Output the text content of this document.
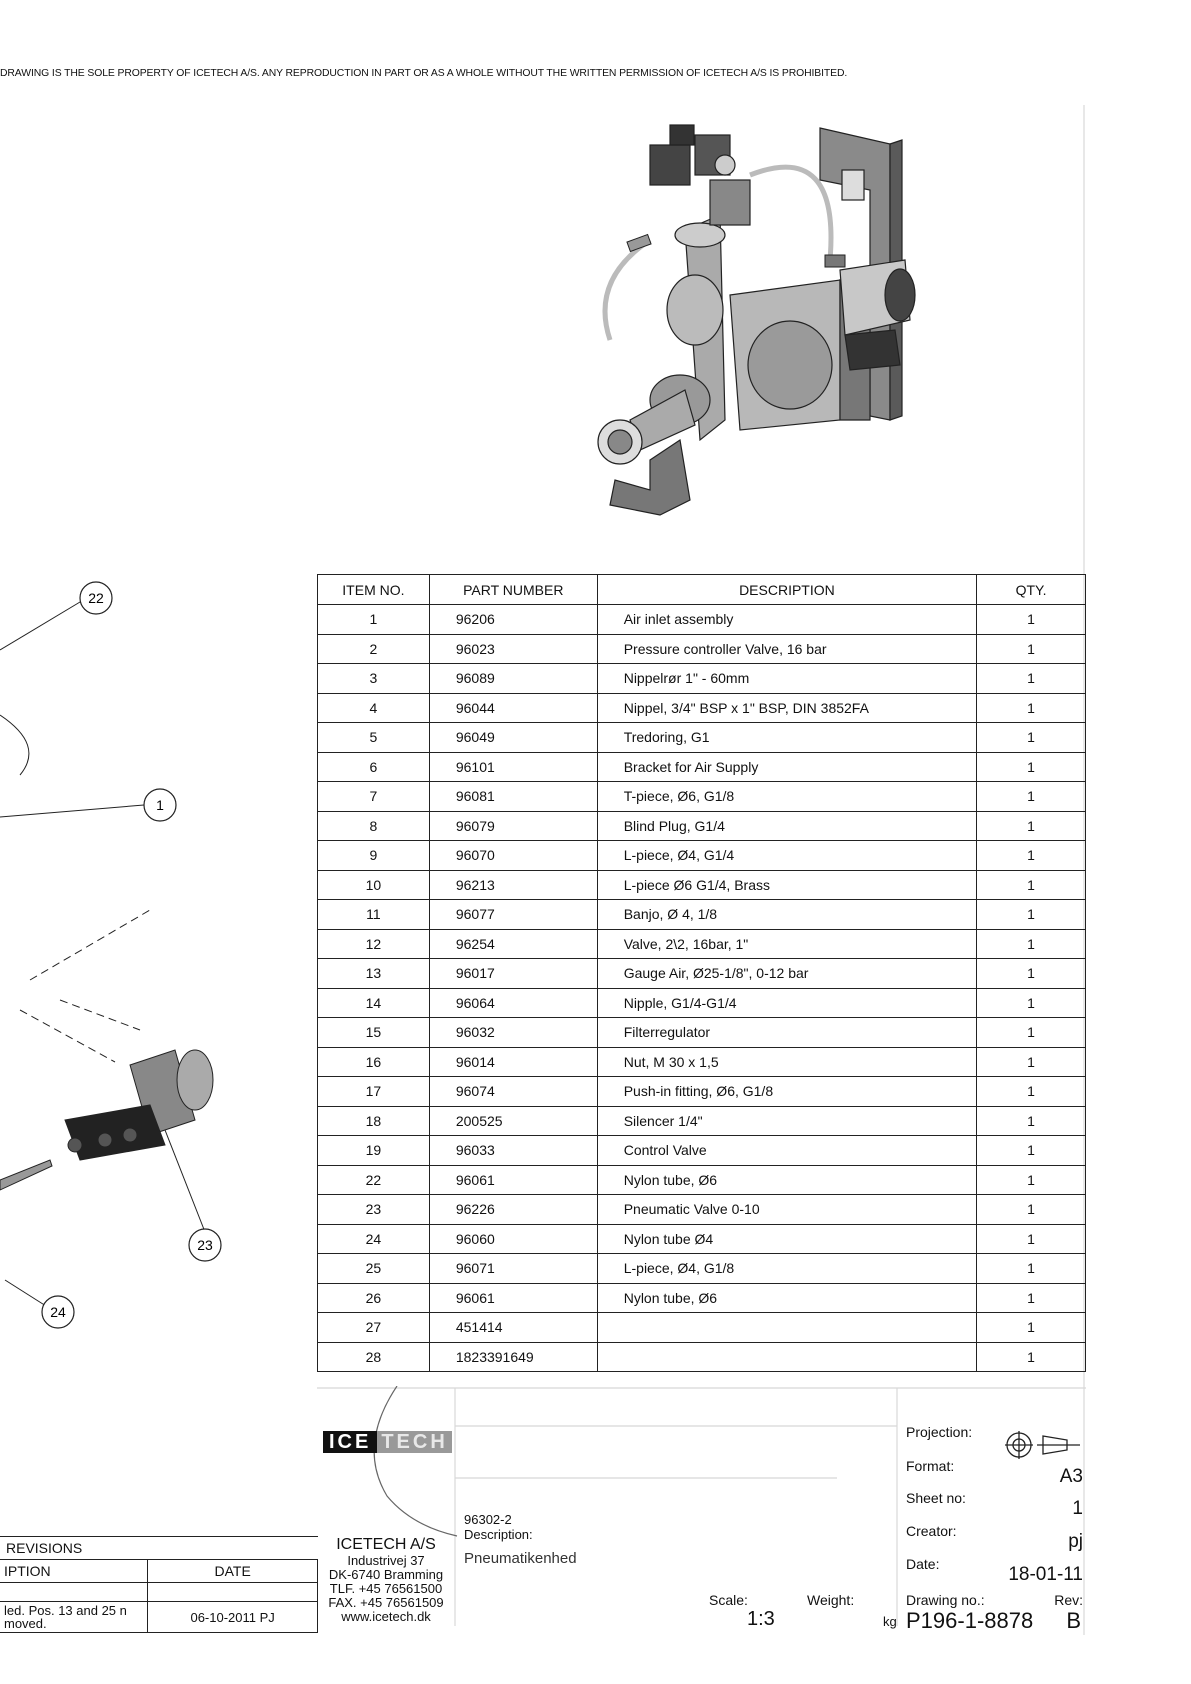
DRAWING IS THE SOLE PROPERTY OF ICETECH A/S. ANY REPRODUCTION IN PART OR AS A WHOLE WITHOUT THE WRITTEN PERMISSION OF ICETECH A/S IS PROHIBITED.
22
1
23
24
ITEM NO.	PART NUMBER	DESCRIPTION	QTY.
1	96206	Air inlet assembly	1
2	96023	Pressure controller Valve, 16 bar	1
3	96089	Nippelrør 1" - 60mm	1
4	96044	Nippel, 3/4" BSP x 1" BSP, DIN 3852FA	1
5	96049	Tredoring, G1	1
6	96101	Bracket for Air Supply	1
7	96081	T-piece, Ø6, G1/8	1
8	96079	Blind Plug, G1/4	1
9	96070	L-piece, Ø4, G1/4	1
10	96213	L-piece Ø6 G1/4, Brass	1
11	96077	Banjo, Ø 4, 1/8	1
12	96254	Valve, 2\2, 16bar, 1"	1
13	96017	Gauge Air, Ø25-1/8", 0-12 bar	1
14	96064	Nipple, G1/4-G1/4	1
15	96032	Filterregulator	1
16	96014	Nut, M 30 x 1,5	1
17	96074	Push-in fitting, Ø6, G1/8	1
18	200525	Silencer 1/4"	1
19	96033	Control Valve	1
22	96061	Nylon tube, Ø6	1
23	96226	Pneumatic Valve 0-10	1
24	96060	Nylon tube Ø4	1
25	96071	L-piece, Ø4, G1/8	1
26	96061	Nylon tube, Ø6	1
27	451414		1
28	1823391649		1
REVISIONS	
IPTION	DATE

led. Pos. 13 and 25 n moved.	06-10-2011 PJ
ICE TECH
ICETECH A/S
Industrivej 37
DK-6740 Bramming
TLF. +45 76561500
FAX. +45 76561509
www.icetech.dk
96302-2
Description:
Pneumatikenhed
Scale:
1:3
Weight:
kg
Projection:
Format:	A3
Sheet no:	1
Creator:	pj
Date:	18-01-11
Drawing no.:
P196-1-8878
Rev:
B
